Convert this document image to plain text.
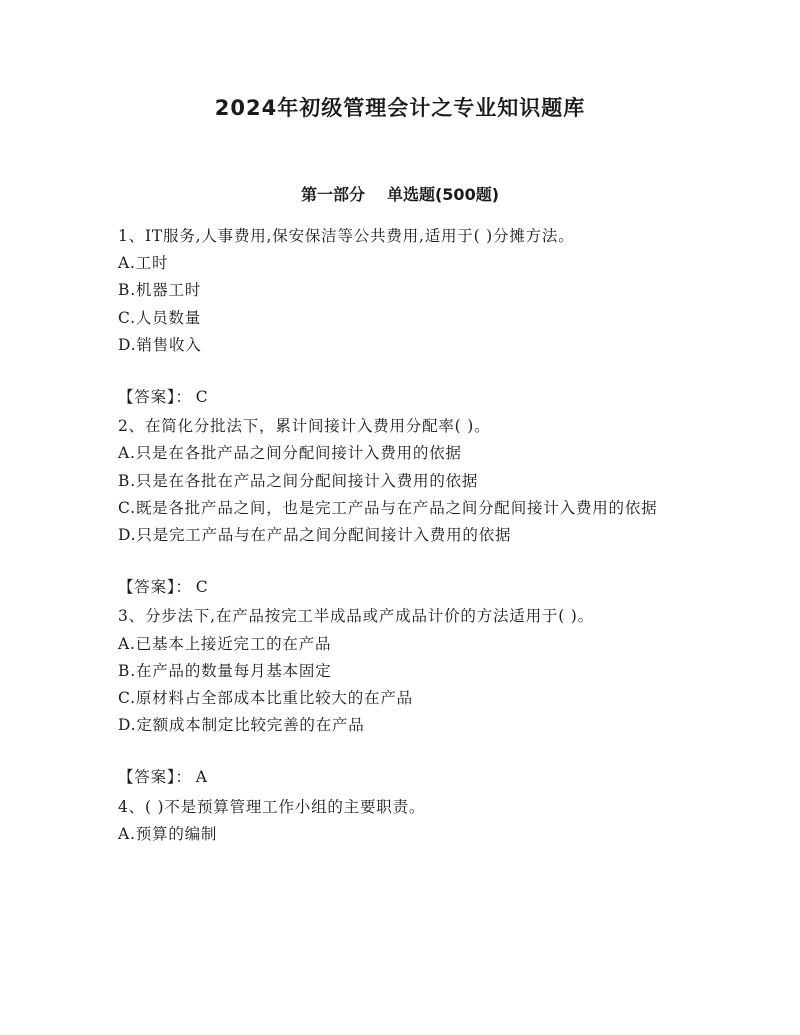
2024年初级管理会计之专业知识题库
第一部分 单选题(500题)
1、IT服务,人事费用,保安保洁等公共费用,适用于( )分摊方法。
A.工时
B.机器工时
C.人员数量
D.销售收入
【答案】： C
2、在简化分批法下，累计间接计入费用分配率( )。
A.只是在各批产品之间分配间接计入费用的依据
B.只是在各批在产品之间分配间接计入费用的依据
C.既是各批产品之间，也是完工产品与在产品之间分配间接计入费用的依据
D.只是完工产品与在产品之间分配间接计入费用的依据
【答案】： C
3、分步法下,在产品按完工半成品或产成品计价的方法适用于( )。
A.已基本上接近完工的在产品
B.在产品的数量每月基本固定
C.原材料占全部成本比重比较大的在产品
D.定额成本制定比较完善的在产品
【答案】： A
4、( )不是预算管理工作小组的主要职责。
A.预算的编制
